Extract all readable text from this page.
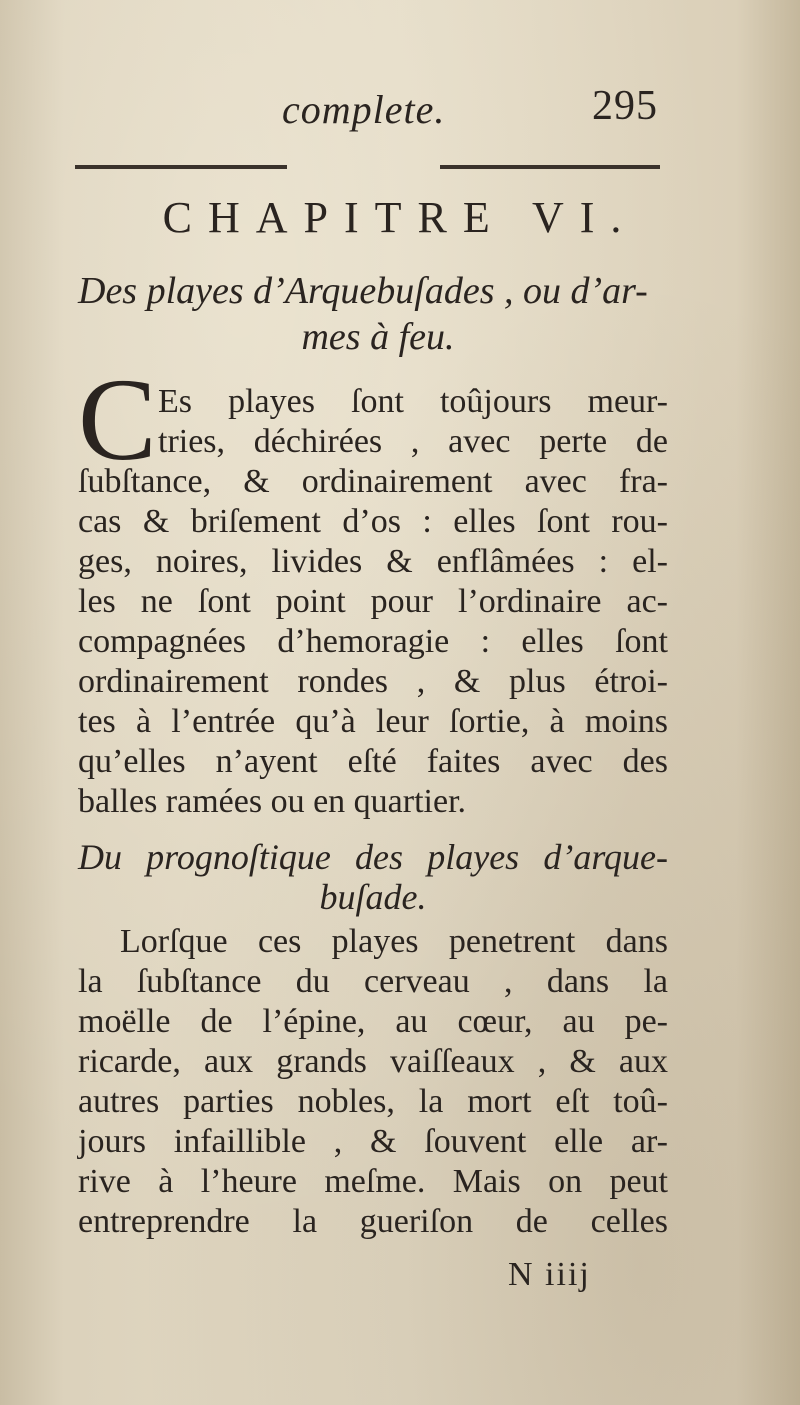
complete.	295
CHAPITRE VI.
Des playes d’Arquebuſades , ou d’ar-
mes à feu.
C Es playes ſont toûjours meur-
tries, déchirées , avec perte de
ſubſtance, & ordinairement avec fra-
cas & briſement d’os : elles ſont rou-
ges, noires, livides & enflâmées : el-
les ne ſont point pour l’ordinaire ac-
compagnées d’hemoragie : elles ſont
ordinairement rondes , & plus étroi-
tes à l’entrée qu’à leur ſortie, à moins
qu’elles n’ayent eſté faites avec des
balles ramées ou en quartier.
Du prognoſtique des playes d’arque-
buſade.
Lorſque ces playes penetrent dans
la ſubſtance du cerveau , dans la
moëlle de l’épine, au cœur, au pe-
ricarde, aux grands vaiſſeaux , & aux
autres parties nobles, la mort eſt toû-
jours infaillible , & ſouvent elle ar-
rive à l’heure meſme. Mais on peut
entreprendre la gueriſon de celles
N iiij
